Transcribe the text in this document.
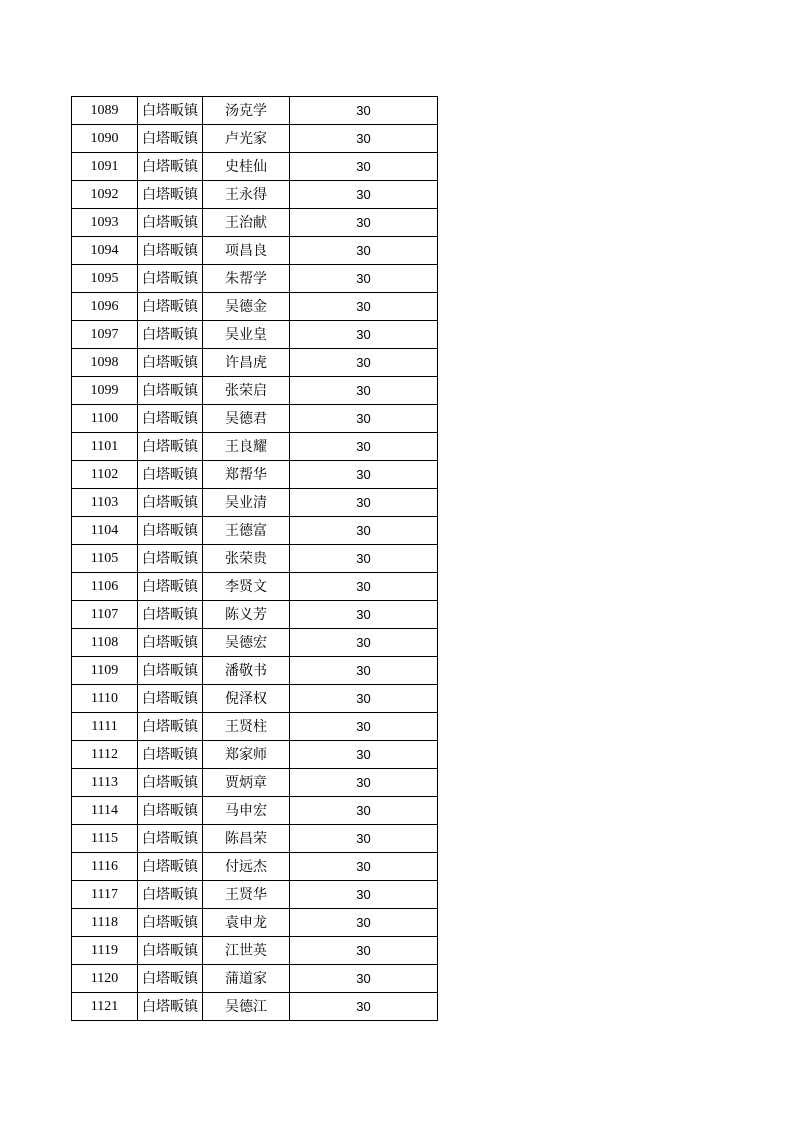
1089	白塔畈镇	汤克学	30
1090	白塔畈镇	卢光家	30
1091	白塔畈镇	史桂仙	30
1092	白塔畈镇	王永得	30
1093	白塔畈镇	王治献	30
1094	白塔畈镇	项昌良	30
1095	白塔畈镇	朱帮学	30
1096	白塔畈镇	吴德金	30
1097	白塔畈镇	吴业皇	30
1098	白塔畈镇	许昌虎	30
1099	白塔畈镇	张荣启	30
1100	白塔畈镇	吴德君	30
1101	白塔畈镇	王良耀	30
1102	白塔畈镇	郑帮华	30
1103	白塔畈镇	吴业清	30
1104	白塔畈镇	王德富	30
1105	白塔畈镇	张荣贵	30
1106	白塔畈镇	李贤文	30
1107	白塔畈镇	陈义芳	30
1108	白塔畈镇	吴德宏	30
1109	白塔畈镇	潘敬书	30
1110	白塔畈镇	倪泽权	30
1111	白塔畈镇	王贤柱	30
1112	白塔畈镇	郑家师	30
1113	白塔畈镇	贾炳章	30
1114	白塔畈镇	马申宏	30
1115	白塔畈镇	陈昌荣	30
1116	白塔畈镇	付远杰	30
1117	白塔畈镇	王贤华	30
1118	白塔畈镇	袁申龙	30
1119	白塔畈镇	江世英	30
1120	白塔畈镇	蒲道家	30
1121	白塔畈镇	吴德江	30
